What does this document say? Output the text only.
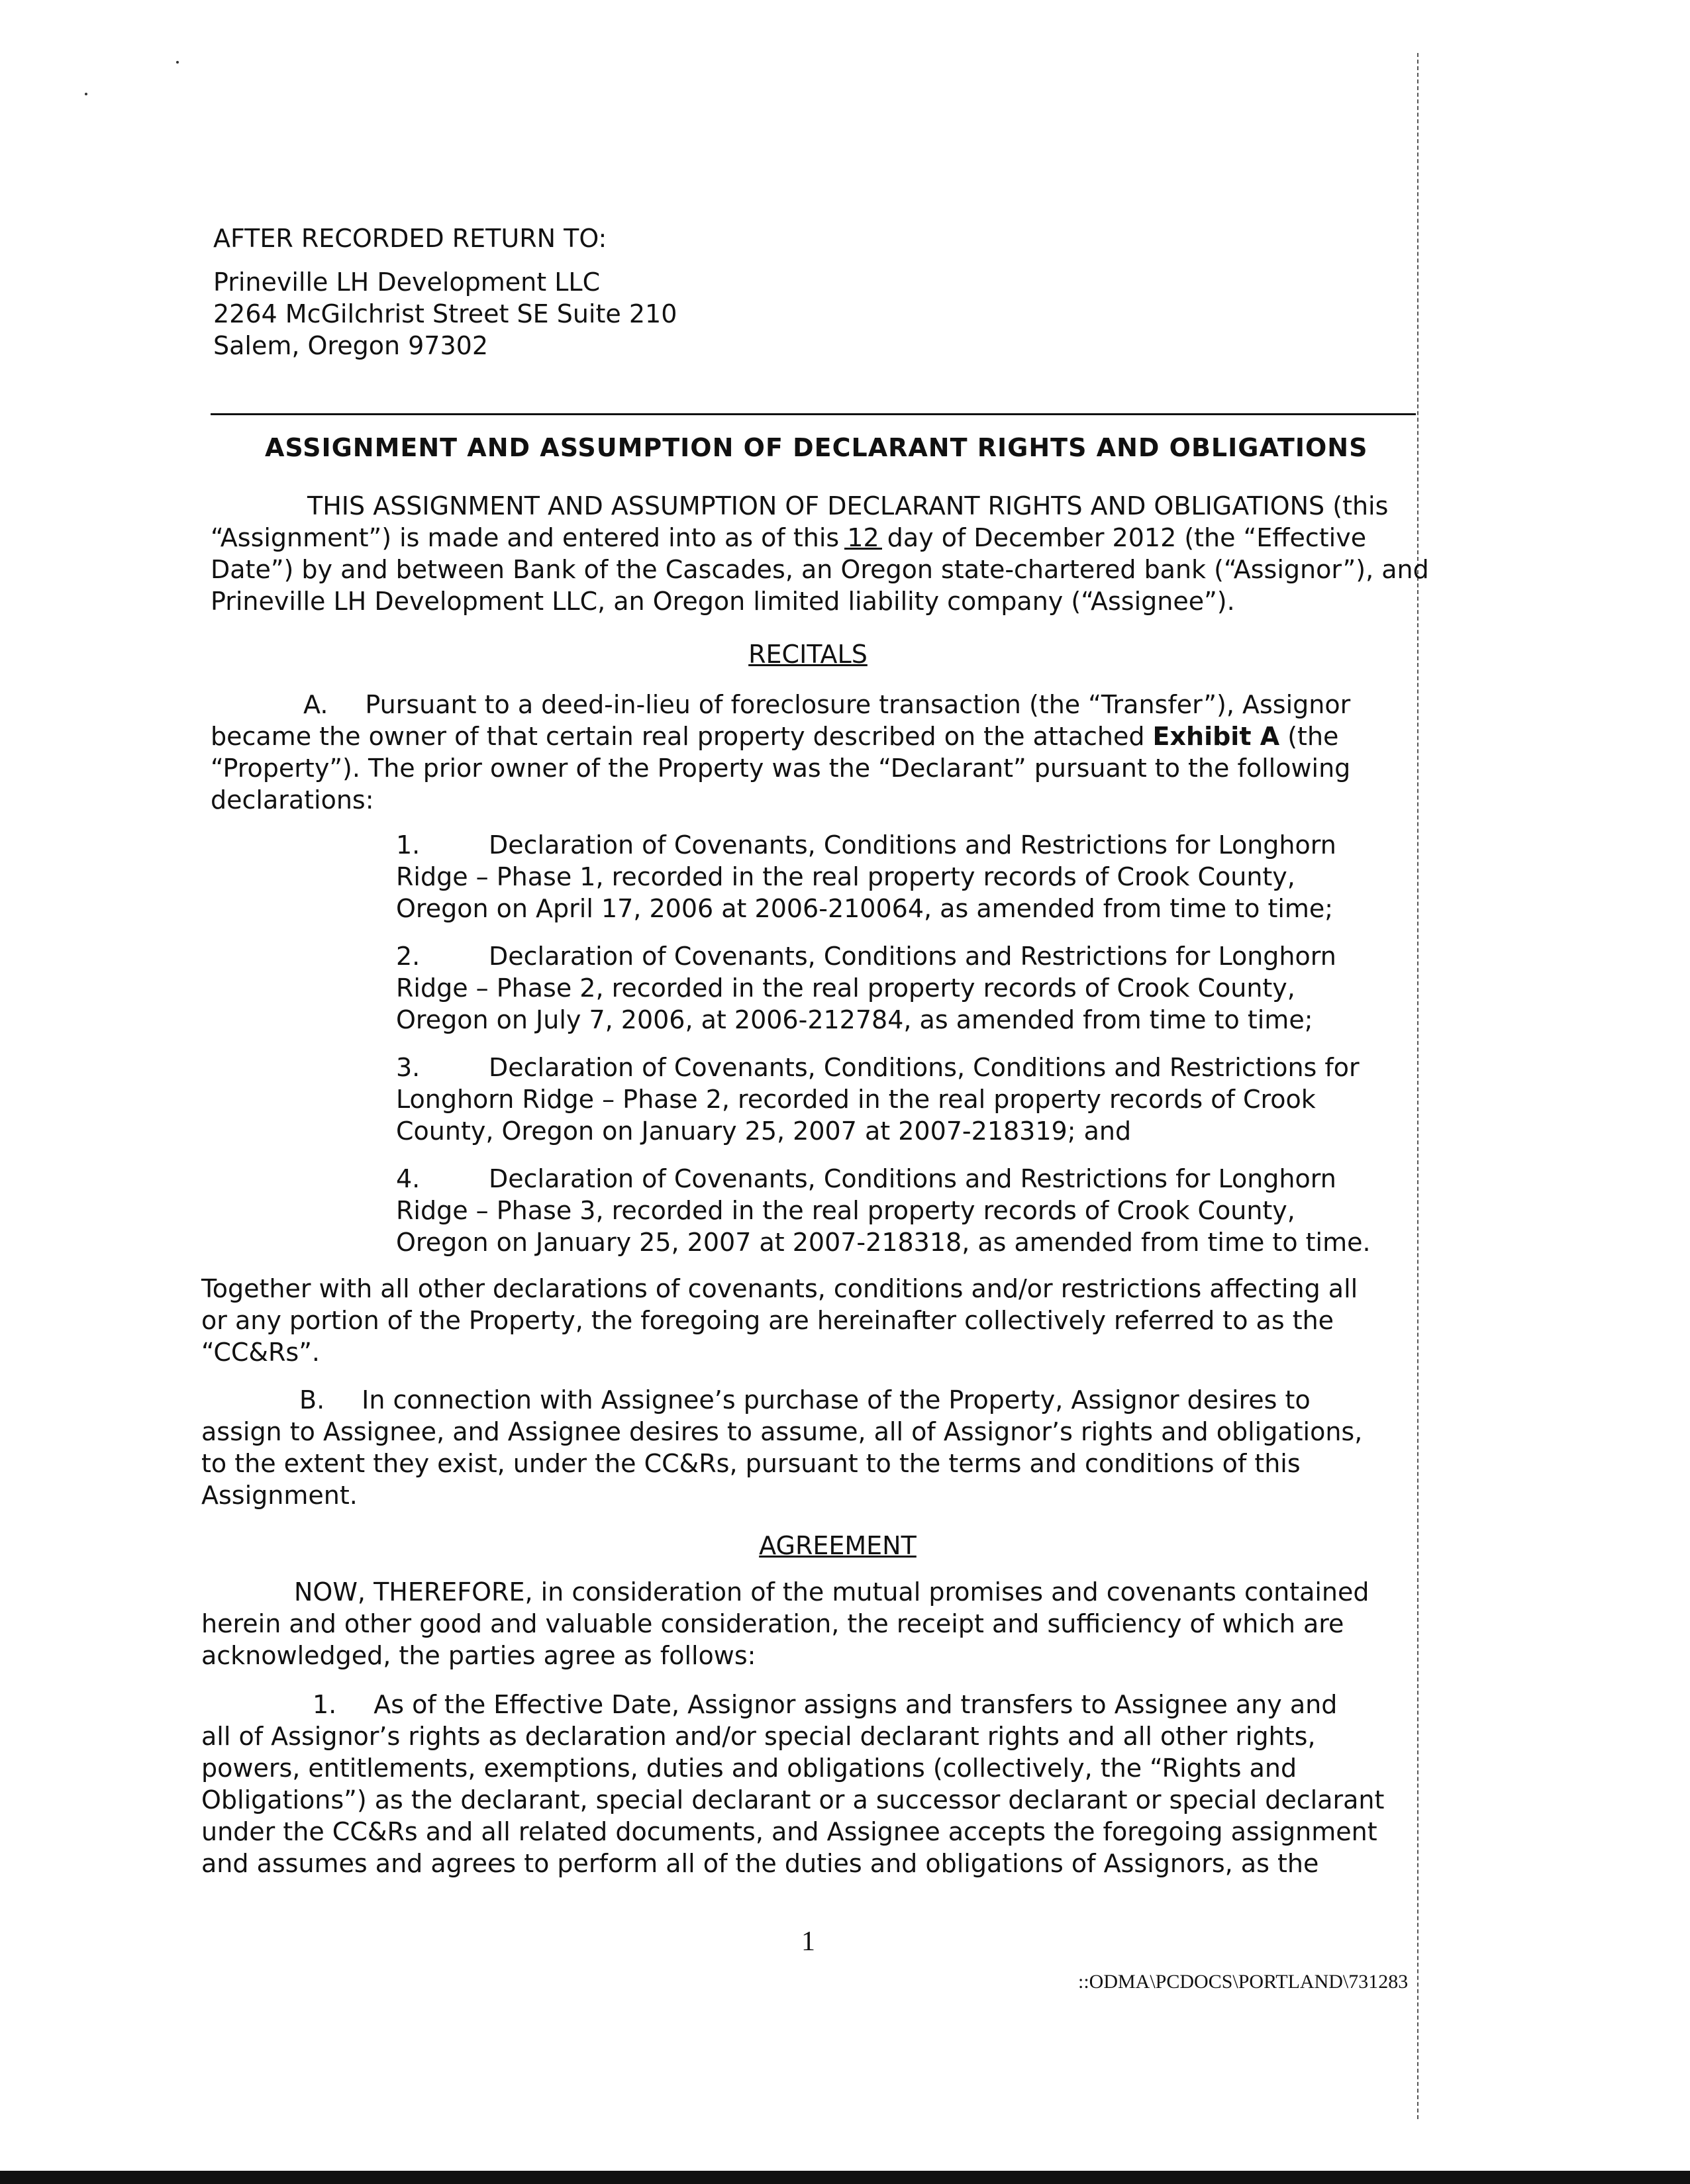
AFTER RECORDED RETURN TO:
Prineville LH Development LLC
2264 McGilchrist Street SE Suite 210
Salem, Oregon 97302
ASSIGNMENT AND ASSUMPTION OF DECLARANT RIGHTS AND OBLIGATIONS
THIS ASSIGNMENT AND ASSUMPTION OF DECLARANT RIGHTS AND OBLIGATIONS (this
“Assignment”) is made and entered into as of this 12 day of December 2012 (the “Effective
Date”) by and between Bank of the Cascades, an Oregon state-chartered bank (“Assignor”), and
Prineville LH Development LLC, an Oregon limited liability company (“Assignee”).
RECITALS
A. Pursuant to a deed-in-lieu of foreclosure transaction (the “Transfer”), Assignor
became the owner of that certain real property described on the attached Exhibit A (the
“Property”). The prior owner of the Property was the “Declarant” pursuant to the following
declarations:
1.	Declaration of Covenants, Conditions and Restrictions for Longhorn
Ridge – Phase 1, recorded in the real property records of Crook County,
Oregon on April 17, 2006 at 2006-210064, as amended from time to time;
2.	Declaration of Covenants, Conditions and Restrictions for Longhorn
Ridge – Phase 2, recorded in the real property records of Crook County,
Oregon on July 7, 2006, at 2006-212784, as amended from time to time;
3.	Declaration of Covenants, Conditions, Conditions and Restrictions for
Longhorn Ridge – Phase 2, recorded in the real property records of Crook
County, Oregon on January 25, 2007 at 2007-218319; and
4.	Declaration of Covenants, Conditions and Restrictions for Longhorn
Ridge – Phase 3, recorded in the real property records of Crook County,
Oregon on January 25, 2007 at 2007-218318, as amended from time to time.
Together with all other declarations of covenants, conditions and/or restrictions affecting all
or any portion of the Property, the foregoing are hereinafter collectively referred to as the
“CC&Rs”.
B. In connection with Assignee’s purchase of the Property, Assignor desires to
assign to Assignee, and Assignee desires to assume, all of Assignor’s rights and obligations,
to the extent they exist, under the CC&Rs, pursuant to the terms and conditions of this
Assignment.
AGREEMENT
NOW, THEREFORE, in consideration of the mutual promises and covenants contained
herein and other good and valuable consideration, the receipt and sufficiency of which are
acknowledged, the parties agree as follows:
1. As of the Effective Date, Assignor assigns and transfers to Assignee any and
all of Assignor’s rights as declaration and/or special declarant rights and all other rights,
powers, entitlements, exemptions, duties and obligations (collectively, the “Rights and
Obligations”) as the declarant, special declarant or a successor declarant or special declarant
under the CC&Rs and all related documents, and Assignee accepts the foregoing assignment
and assumes and agrees to perform all of the duties and obligations of Assignors, as the
1
::ODMA\PCDOCS\PORTLAND\731283
